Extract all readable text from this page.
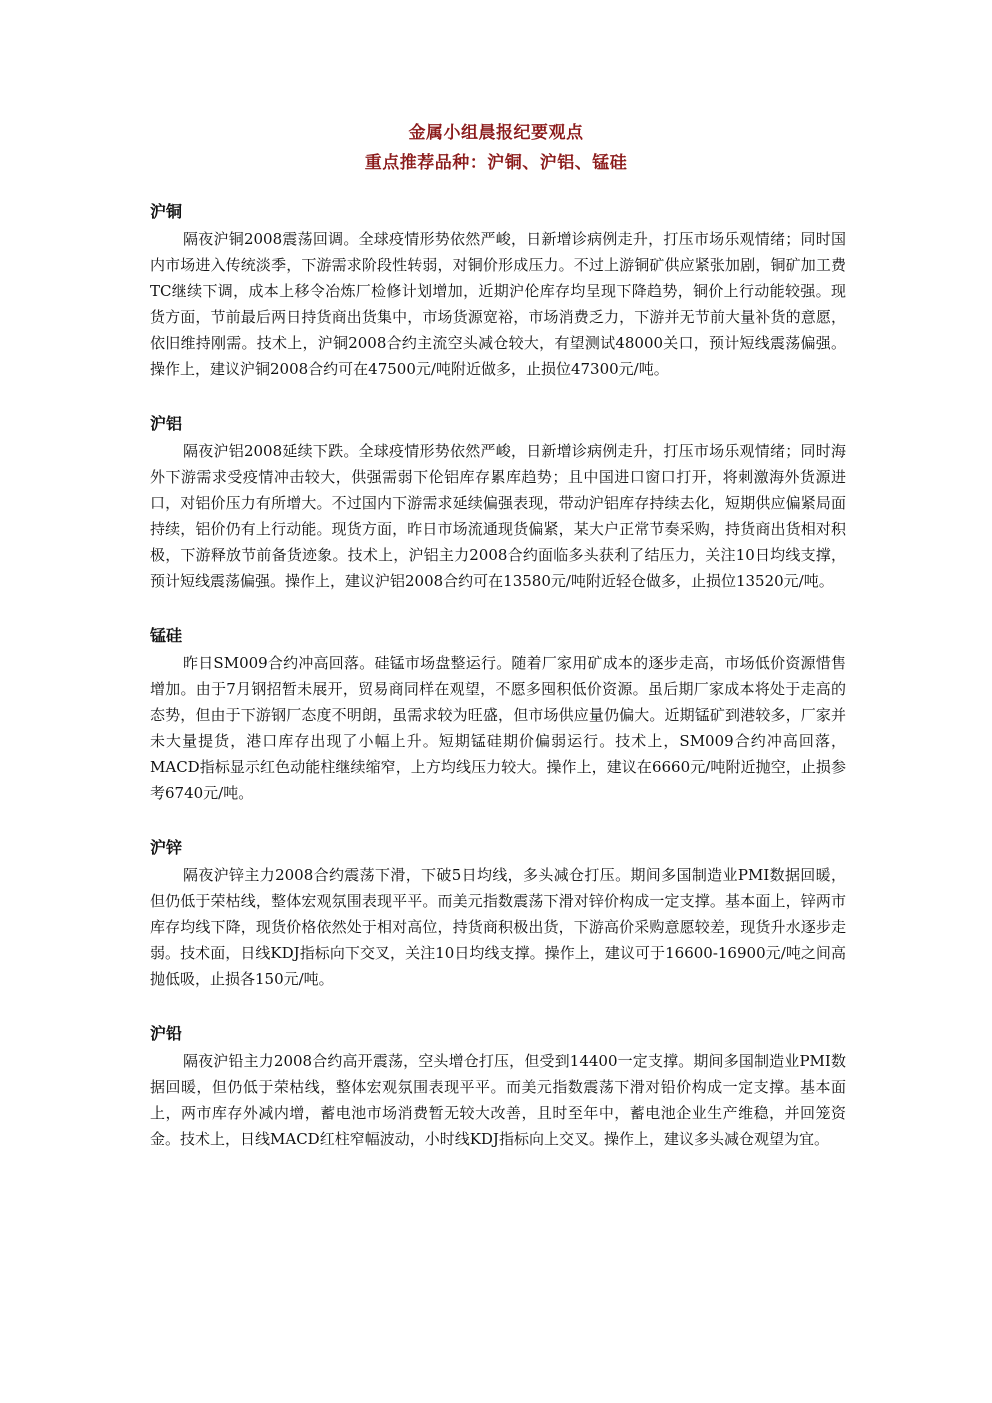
金属小组晨报纪要观点
重点推荐品种：沪铜、沪铝、锰硅
沪铜

隔夜沪铜2008震荡回调。全球疫情形势依然严峻，日新增诊病例走升，打压市场乐观情绪；同时国内市场进入传统淡季，下游需求阶段性转弱，对铜价形成压力。不过上游铜矿供应紧张加剧，铜矿加工费TC继续下调，成本上移令冶炼厂检修计划增加，近期沪伦库存均呈现下降趋势，铜价上行动能较强。现货方面，节前最后两日持货商出货集中，市场货源宽裕，市场消费乏力，下游并无节前大量补货的意愿，依旧维持刚需。技术上，沪铜2008合约主流空头减仓较大，有望测试48000关口，预计短线震荡偏强。操作上，建议沪铜2008合约可在47500元/吨附近做多，止损位47300元/吨。

沪铝

隔夜沪铝2008延续下跌。全球疫情形势依然严峻，日新增诊病例走升，打压市场乐观情绪；同时海外下游需求受疫情冲击较大，供强需弱下伦铝库存累库趋势；且中国进口窗口打开，将刺激海外货源进口，对铝价压力有所增大。不过国内下游需求延续偏强表现，带动沪铝库存持续去化，短期供应偏紧局面持续，铝价仍有上行动能。现货方面，昨日市场流通现货偏紧，某大户正常节奏采购，持货商出货相对积极，下游释放节前备货迹象。技术上，沪铝主力2008合约面临多头获利了结压力，关注10日均线支撑，预计短线震荡偏强。操作上，建议沪铝2008合约可在13580元/吨附近轻仓做多，止损位13520元/吨。

锰硅

昨日SM009合约冲高回落。硅锰市场盘整运行。随着厂家用矿成本的逐步走高，市场低价资源惜售增加。由于7月钢招暂未展开，贸易商同样在观望，不愿多囤积低价资源。虽后期厂家成本将处于走高的态势，但由于下游钢厂态度不明朗，虽需求较为旺盛，但市场供应量仍偏大。近期锰矿到港较多，厂家并未大量提货，港口库存出现了小幅上升。短期锰硅期价偏弱运行。技术上，SM009合约冲高回落，MACD指标显示红色动能柱继续缩窄，上方均线压力较大。操作上，建议在6660元/吨附近抛空，止损参考6740元/吨。

沪锌

隔夜沪锌主力2008合约震荡下滑，下破5日均线，多头减仓打压。期间多国制造业PMI数据回暖，但仍低于荣枯线，整体宏观氛围表现平平。而美元指数震荡下滑对锌价构成一定支撑。基本面上，锌两市库存均线下降，现货价格依然处于相对高位，持货商积极出货，下游高价采购意愿较差，现货升水逐步走弱。技术面，日线KDJ指标向下交叉，关注10日均线支撑。操作上，建议可于16600-16900元/吨之间高抛低吸，止损各150元/吨。

沪铅

隔夜沪铅主力2008合约高开震荡，空头增仓打压，但受到14400一定支撑。期间多国制造业PMI数据回暖，但仍低于荣枯线，整体宏观氛围表现平平。而美元指数震荡下滑对铅价构成一定支撑。基本面上，两市库存外减内增，蓄电池市场消费暂无较大改善，且时至年中，蓄电池企业生产维稳，并回笼资金。技术上，日线MACD红柱窄幅波动，小时线KDJ指标向上交叉。操作上，建议多头减仓观望为宜。
